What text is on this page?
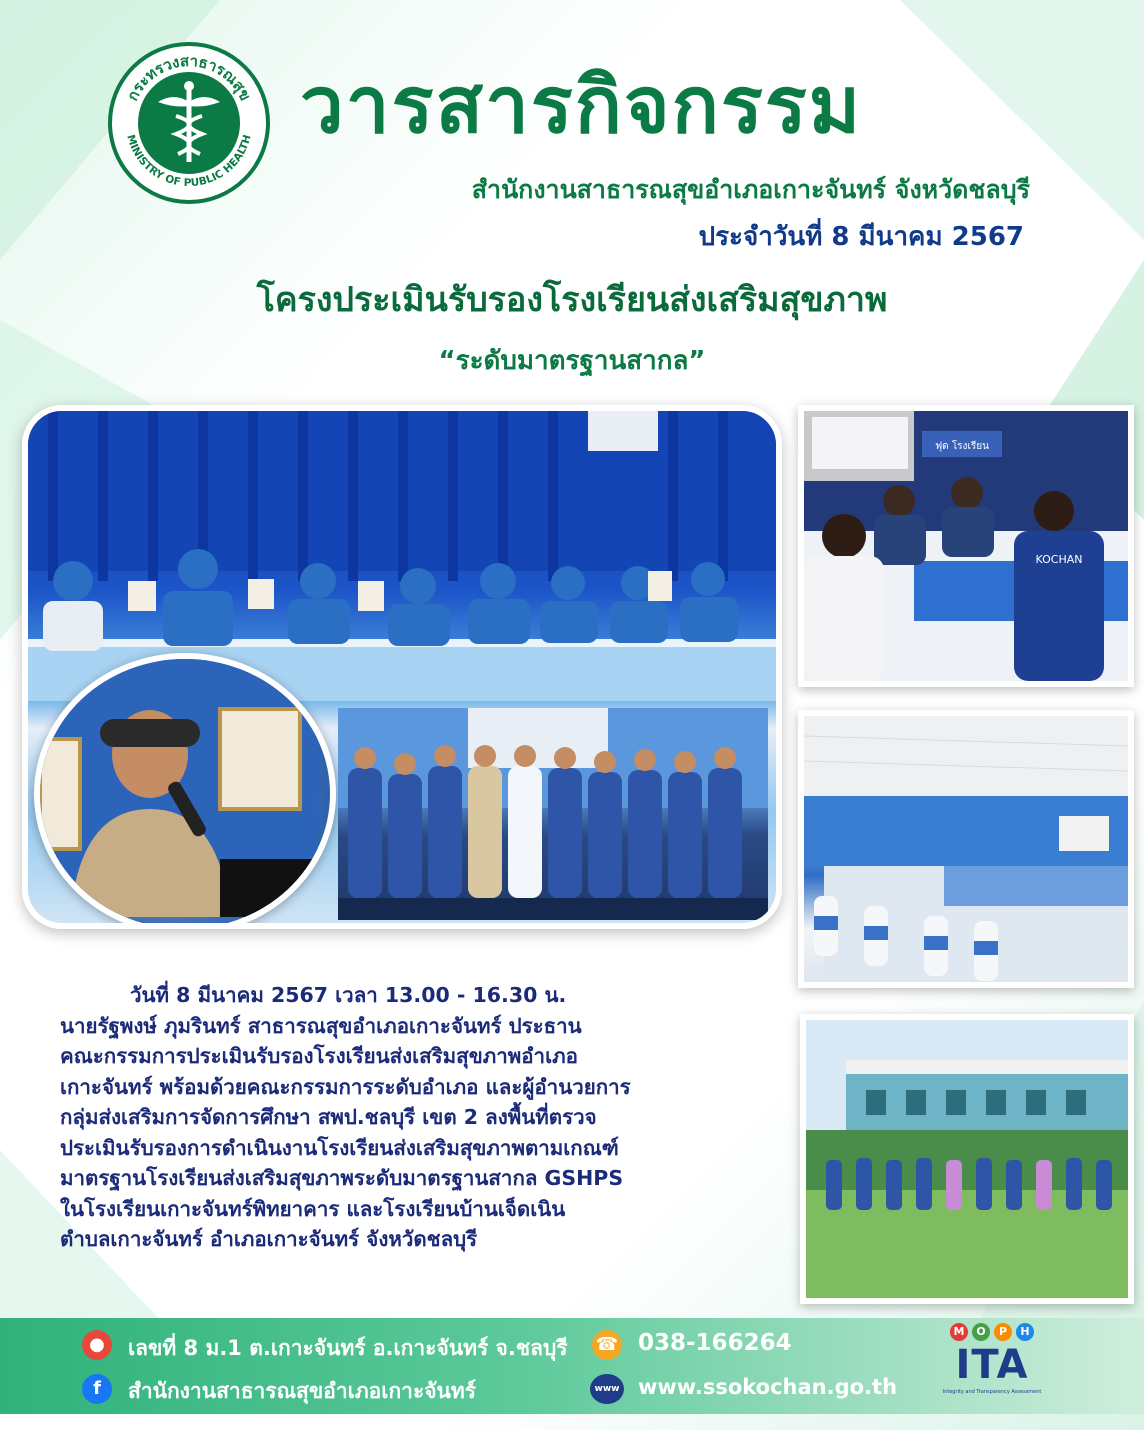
กระทรวงสาธารณสุข
MINISTRY OF PUBLIC HEALTH วารสารกิจกรรม
สำนักงานสาธารณสุขอำเภอเกาะจันทร์ จังหวัดชลบุรี
ประจำวันที่ 8 มีนาคม 2567
โครงประเมินรับรองโรงเรียนส่งเสริมสุขภาพ
“ระดับมาตรฐานสากล”
ฟุด โรงเรียน
KOCHAN

วันที่ 8 มีนาคม 2567 เวลา 13.00 - 16.30 น.

นายรัฐพงษ์ ภุมรินทร์ สาธารณสุขอำเภอเกาะจันทร์ ประธาน

คณะกรรมการประเมินรับรองโรงเรียนส่งเสริมสุขภาพอำเภอ

เกาะจันทร์ พร้อมด้วยคณะกรรมการระดับอำเภอ และผู้อำนวยการ

กลุ่มส่งเสริมการจัดการศึกษา สพป.ชลบุรี เขต 2 ลงพื้นที่ตรวจ

ประเมินรับรองการดำเนินงานโรงเรียนส่งเสริมสุขภาพตามเกณฑ์

มาตรฐานโรงเรียนส่งเสริมสุขภาพระดับมาตรฐานสากล GSHPS

ในโรงเรียนเกาะจันทร์พิทยาคาร และโรงเรียนบ้านเจ็ดเนิน

ตำบลเกาะจันทร์ อำเภอเกาะจันทร์ จังหวัดชลบุรี

●	เลขที่ 8 ม.1 ต.เกาะจันทร์ อ.เกาะจันทร์ จ.ชลบุรี ☎ 038-166264
f	สำนักงานสาธารณสุขอำเภอเกาะจันทร์	www www.ssokochan.go.th
M	O	P	H
ITA
Integrity and Transparency Assessment
